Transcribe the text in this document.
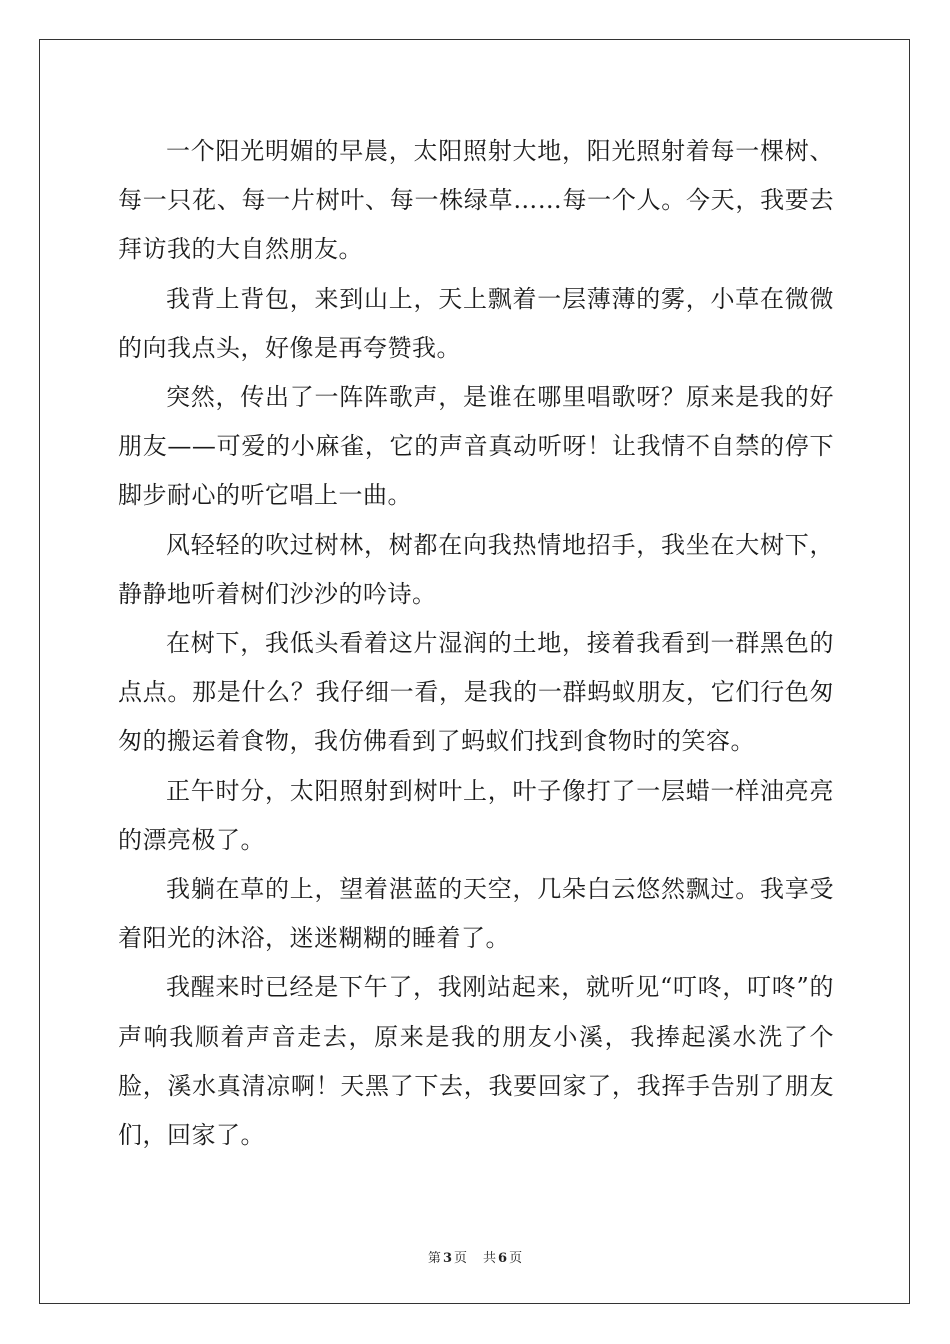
一个阳光明媚的早晨，太阳照射大地，阳光照射着每一棵树、每一只花、每一片树叶、每一株绿草……每一个人。今天，我要去拜访我的大自然朋友。

我背上背包，来到山上，天上飘着一层薄薄的雾，小草在微微的向我点头，好像是再夸赞我。

突然，传出了一阵阵歌声，是谁在哪里唱歌呀？原来是我的好朋友——可爱的小麻雀，它的声音真动听呀！让我情不自禁的停下脚步耐心的听它唱上一曲。

风轻轻的吹过树林，树都在向我热情地招手，我坐在大树下，静静地听着树们沙沙的吟诗。

在树下，我低头看着这片湿润的土地，接着我看到一群黑色的点点。那是什么？我仔细一看，是我的一群蚂蚁朋友，它们行色匆匆的搬运着食物，我仿佛看到了蚂蚁们找到食物时的笑容。

正午时分，太阳照射到树叶上，叶子像打了一层蜡一样油亮亮的漂亮极了。

我躺在草的上，望着湛蓝的天空，几朵白云悠然飘过。我享受着阳光的沐浴，迷迷糊糊的睡着了。

我醒来时已经是下午了，我刚站起来，就听见“叮咚，叮咚”的声响我顺着声音走去，原来是我的朋友小溪，我捧起溪水洗了个脸，溪水真清凉啊！天黑了下去，我要回家了，我挥手告别了朋友们，回家了。

第 3 页 共 6 页
